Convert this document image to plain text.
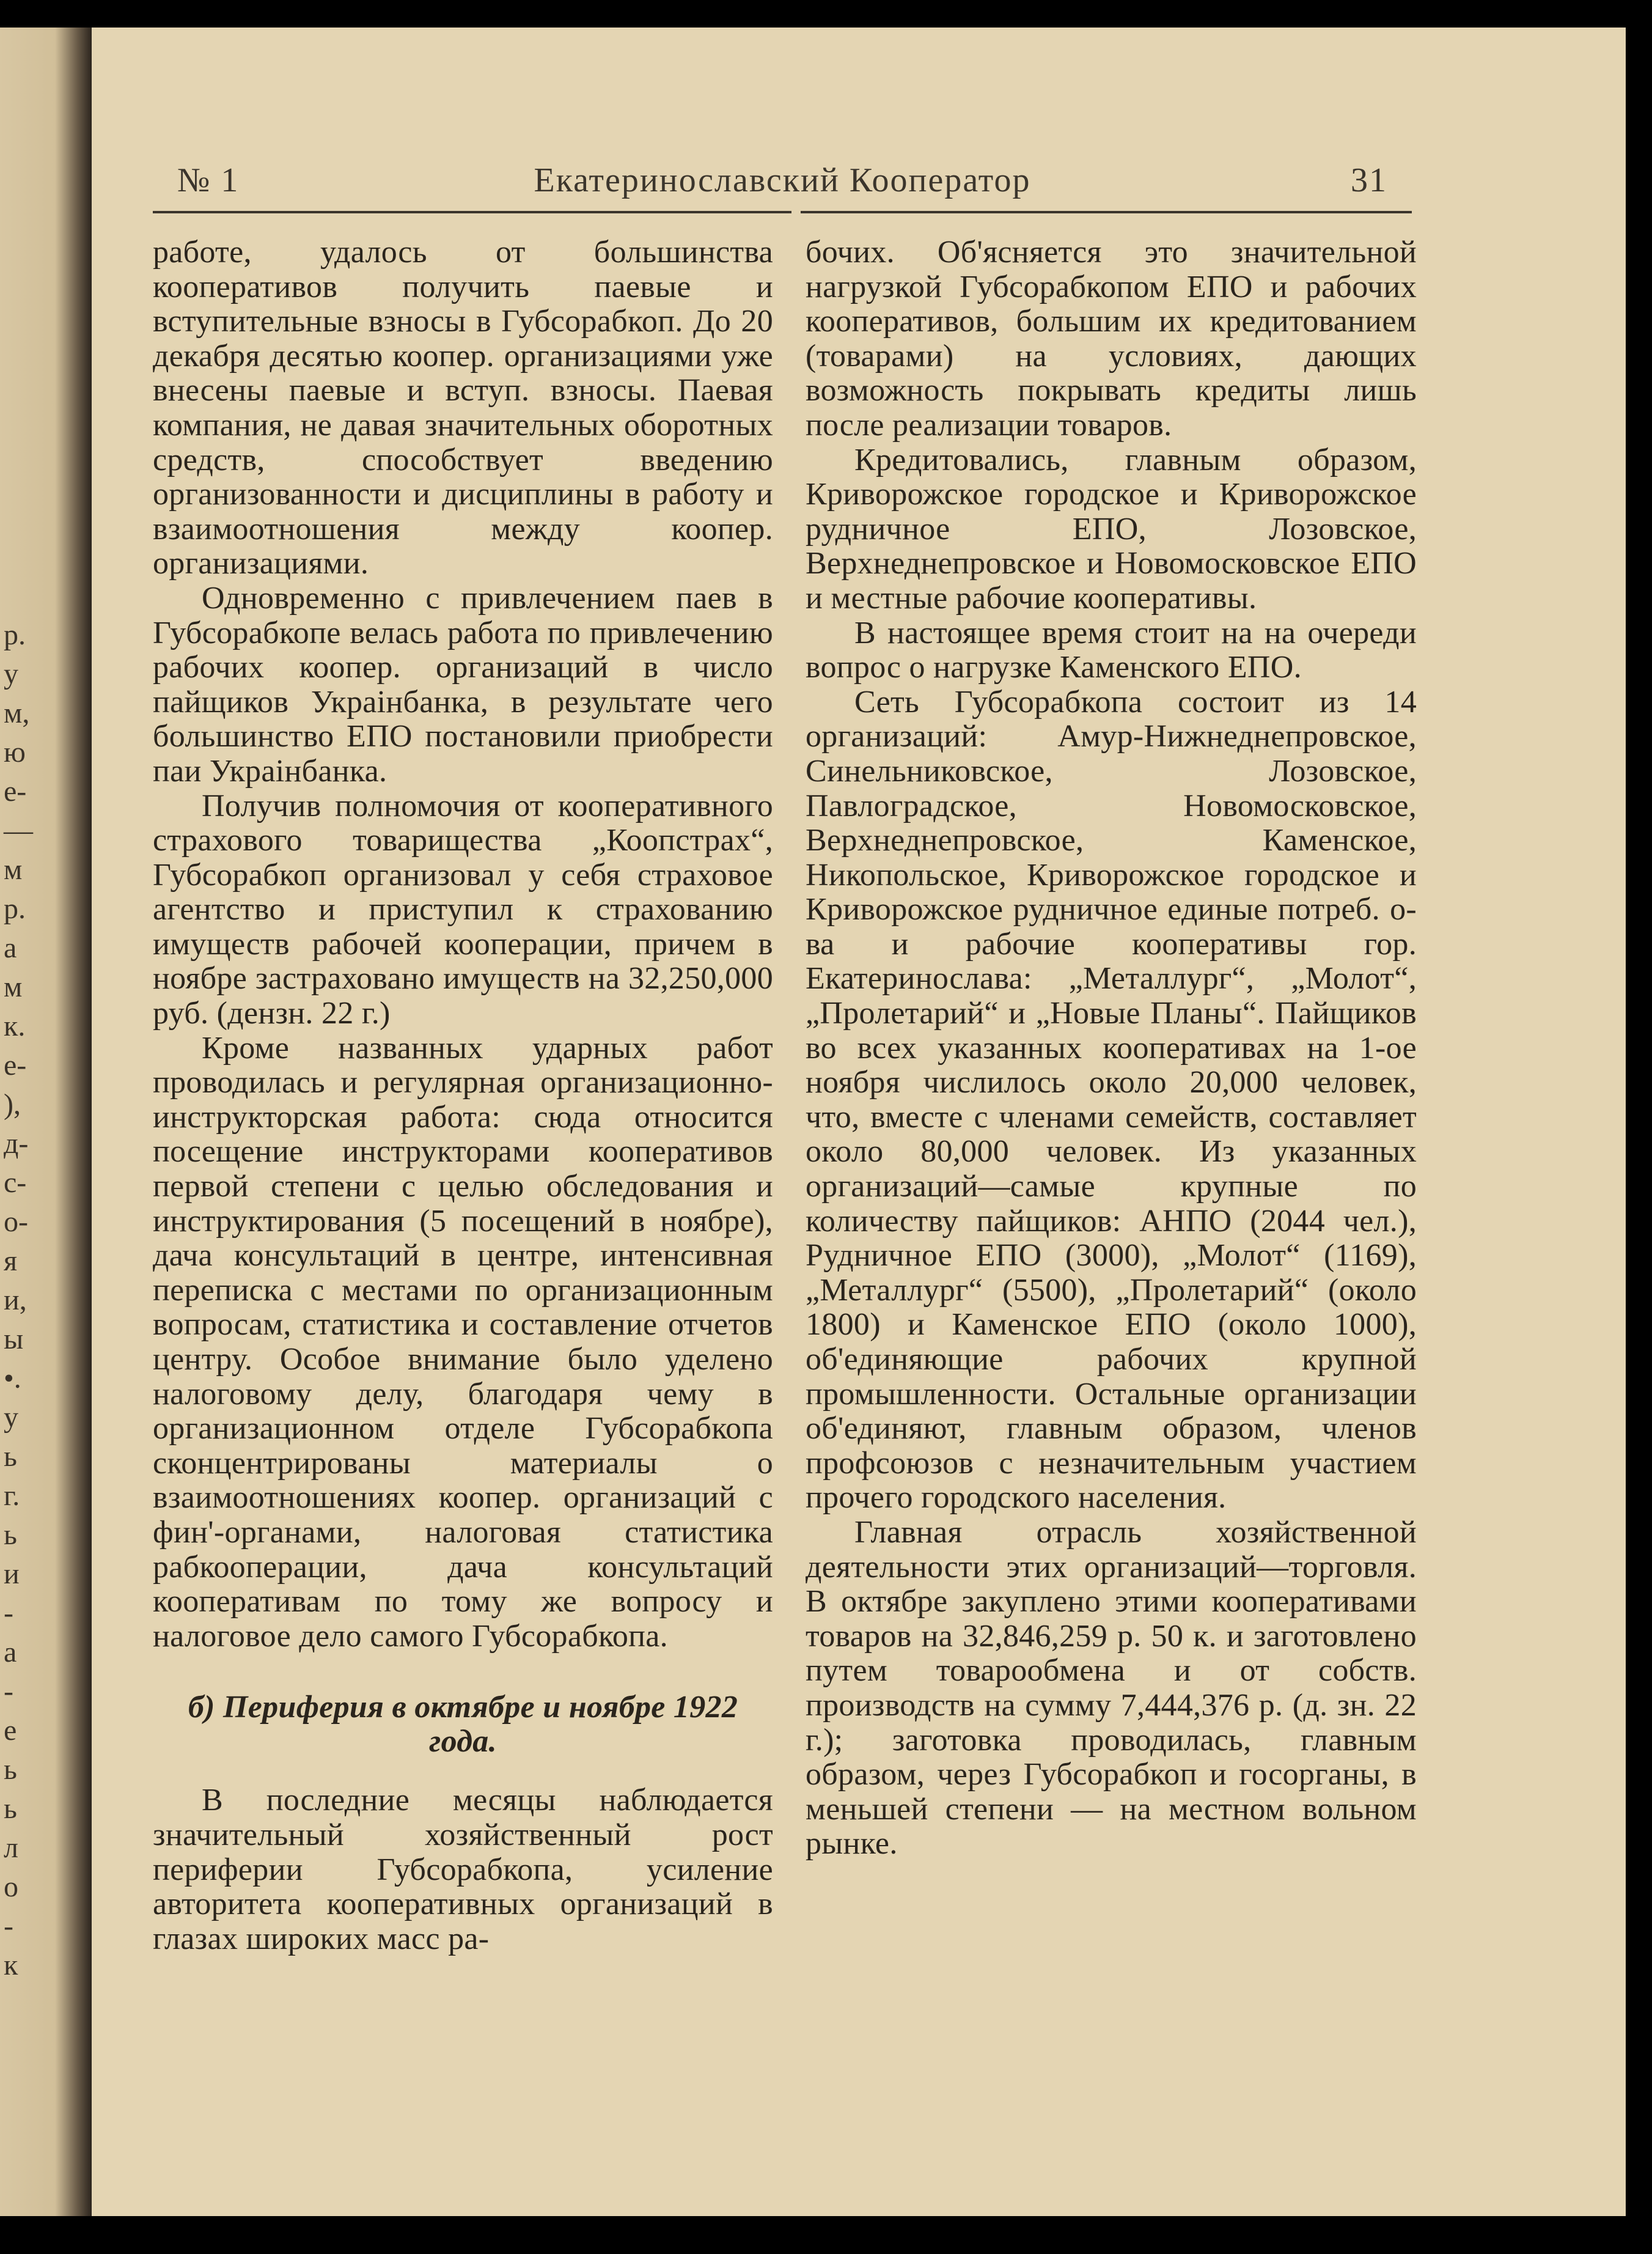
р.
у
м,
ю
е-
—
м
р.
а
м
к.
е-
),
д-
с-
о-
я
и,
ы
•.
у
ь
г.
ь
и
-
а
-
е
ь
ь
л
о
-
к
№ 1	Екатеринославский Кооператор	31

работе, удалось от большинства кооперативов получить паевые и вступительные взносы в Губсорабкоп. До 20 декабря десятью коопер. организациями уже внесены паевые и вступ. взносы. Паевая компания, не давая значительных оборотных средств, способствует введению организованности и дисциплины в работу и взаимоотношения между коопер. организациями.

Одновременно с привлечением паев в Губсорабкопе велась работа по привлечению рабочих коопер. организаций в число пайщиков Украiнбанка, в результате чего большинство ЕПО постановили приобрести паи Украiнбанка.

Получив полномочия от кооперативного страхового товарищества „Коопстрах“, Губсорабкоп организовал у себя страховое агентство и приступил к страхованию имуществ рабочей кооперации, причем в ноябре застраховано имуществ на 32,250,000 руб. (дензн. 22 г.)

Кроме названных ударных работ проводилась и регулярная организационно-инструкторская работа: сюда относится посещение инструкторами кооперативов первой степени с целью обследования и инструктирования (5 посещений в ноябре), дача консультаций в центре, интенсивная переписка с местами по организационным вопросам, статистика и составление отчетов центру. Особое внимание было уделено налоговому делу, благодаря чему в организационном отделе Губсорабкопа сконцентрированы материалы о взаимоотношениях коопер. организаций с фин'-органами, налоговая статистика рабкооперации, дача консультаций кооперативам по тому же вопросу и налоговое дело самого Губсорабкопа.

б) Периферия в октябре и ноябре 1922 года.

В последние месяцы наблюдается значительный хозяйственный рост периферии Губсорабкопа, усиление авторитета кооперативных организаций в глазах широких масс ра-

бочих. Об'ясняется это значительной нагрузкой Губсорабкопом ЕПО и рабочих кооперативов, большим их кредитованием (товарами) на условиях, дающих возможность покрывать кредиты лишь после реализации товаров.

Кредитовались, главным образом, Криворожское городское и Криворожское рудничное ЕПО, Лозовское, Верхнеднепровское и Новомосковское ЕПО и местные рабочие кооперативы.

В настоящее время стоит на на очереди вопрос о нагрузке Каменского ЕПО.

Сеть Губсорабкопа состоит из 14 организаций: Амур-Нижнеднепровское, Синельниковское, Лозовское, Павлоградское, Новомосковское, Верхнеднепровское, Каменское, Никопольское, Криворожское городское и Криворожское рудничное единые потреб. о-ва и рабочие кооперативы гор. Екатеринослава: „Металлург“, „Молот“, „Пролетарий“ и „Новые Планы“. Пайщиков во всех указанных кооперативах на 1-ое ноября числилось около 20,000 человек, что, вместе с членами семейств, составляет около 80,000 человек. Из указанных организаций—самые крупные по количеству пайщиков: АНПО (2044 чел.), Рудничное ЕПО (3000), „Молот“ (1169), „Металлург“ (5500), „Пролетарий“ (около 1800) и Каменское ЕПО (около 1000), об'единяющие рабочих крупной промышленности. Остальные организации об'единяют, главным образом, членов профсоюзов с незначительным участием прочего городского населения.

Главная отрасль хозяйственной деятельности этих организаций—торговля. В октябре закуплено этими кооперативами товаров на 32,846,259 р. 50 к. и заготовлено путем товарообмена и от собств. производств на сумму 7,444,376 р. (д. зн. 22 г.); заготовка проводилась, главным образом, через Губсорабкоп и госорганы, в меньшей степени — на местном вольном рынке.
